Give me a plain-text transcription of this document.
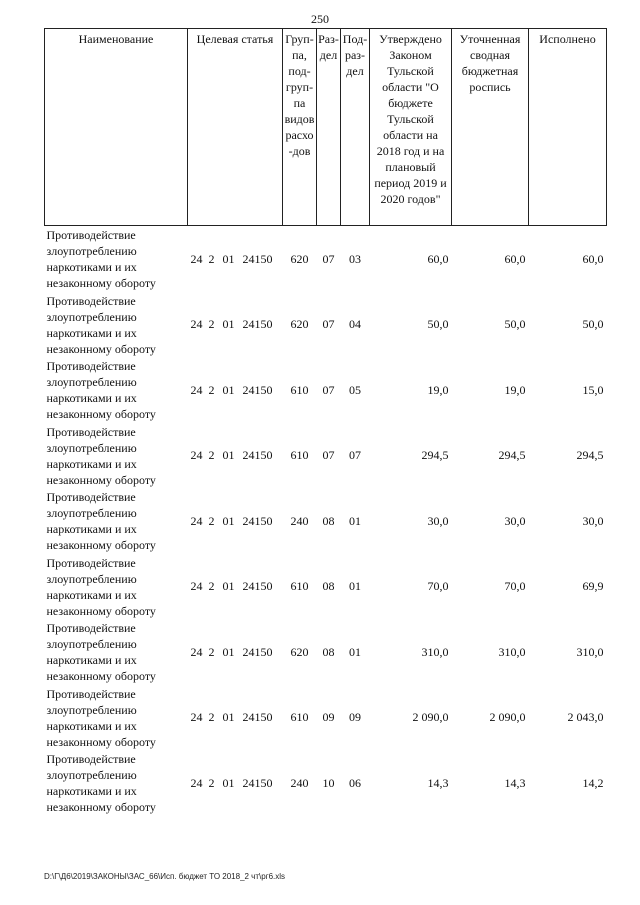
250
Наименование	Целевая статья	Груп-па, под-груп-па видов расхо-дов	Раз-дел	Под-раз-дел	Утверждено Законом Тульской области "О бюджете Тульской области на 2018 год и на плановый период 2019 и 2020 годов"	Уточненная сводная бюджетная роспись	Исполнено
Противодействие злоупотреблению наркотиками и их незаконному обороту	24 2 01 24150	620	07	03	60,0	60,0	60,0
Противодействие злоупотреблению наркотиками и их незаконному обороту	24 2 01 24150	620	07	04	50,0	50,0	50,0
Противодействие злоупотреблению наркотиками и их незаконному обороту	24 2 01 24150	610	07	05	19,0	19,0	15,0
Противодействие злоупотреблению наркотиками и их незаконному обороту	24 2 01 24150	610	07	07	294,5	294,5	294,5
Противодействие злоупотреблению наркотиками и их незаконному обороту	24 2 01 24150	240	08	01	30,0	30,0	30,0
Противодействие злоупотреблению наркотиками и их незаконному обороту	24 2 01 24150	610	08	01	70,0	70,0	69,9
Противодействие злоупотреблению наркотиками и их незаконному обороту	24 2 01 24150	620	08	01	310,0	310,0	310,0
Противодействие злоупотреблению наркотиками и их незаконному обороту	24 2 01 24150	610	09	09	2 090,0	2 090,0	2 043,0
Противодействие злоупотреблению наркотиками и их незаконному обороту	24 2 01 24150	240	10	06	14,3	14,3	14,2
D:\Г\Д6\2019\ЗАКОНЫ\ЗАС_66\Исп. бюджет ТО 2018_2 чт\рг6.xls
